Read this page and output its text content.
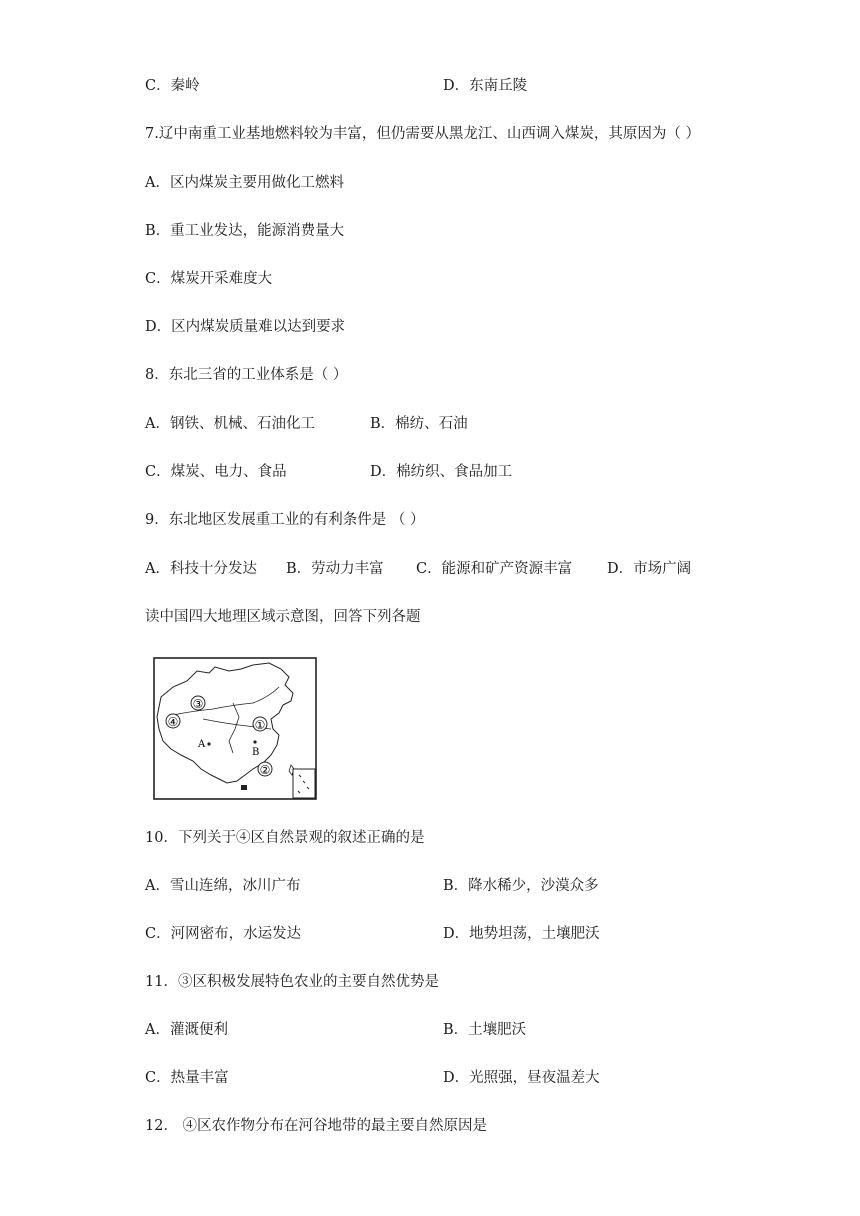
C．秦岭	D．东南丘陵
7.辽中南重工业基地燃料较为丰富，但仍需要从黑龙江、山西调入煤炭，其原因为（ ）
A．区内煤炭主要用做化工燃料
B．重工业发达，能源消费量大
C．煤炭开采难度大
D．区内煤炭质量难以达到要求
8．东北三省的工业体系是（ ）
A．钢铁、机械、石油化工	B．棉纺、石油
C．煤炭、电力、食品	D．棉纺织、食品加工
9．东北地区发展重工业的有利条件是 （ ）
A．科技十分发达 B．劳动力丰富 C．能源和矿产资源丰富 D．市场广阔
读中国四大地理区域示意图，回答下列各题
①
②
③
④
A
B
10．下列关于④区自然景观的叙述正确的是
A．雪山连绵，冰川广布	B．降水稀少，沙漠众多
C．河网密布，水运发达	D．地势坦荡，土壤肥沃
11．③区积极发展特色农业的主要自然优势是
A．灌溉便利	B．土壤肥沃
C．热量丰富	D．光照强，昼夜温差大
12． ④区农作物分布在河谷地带的最主要自然原因是
